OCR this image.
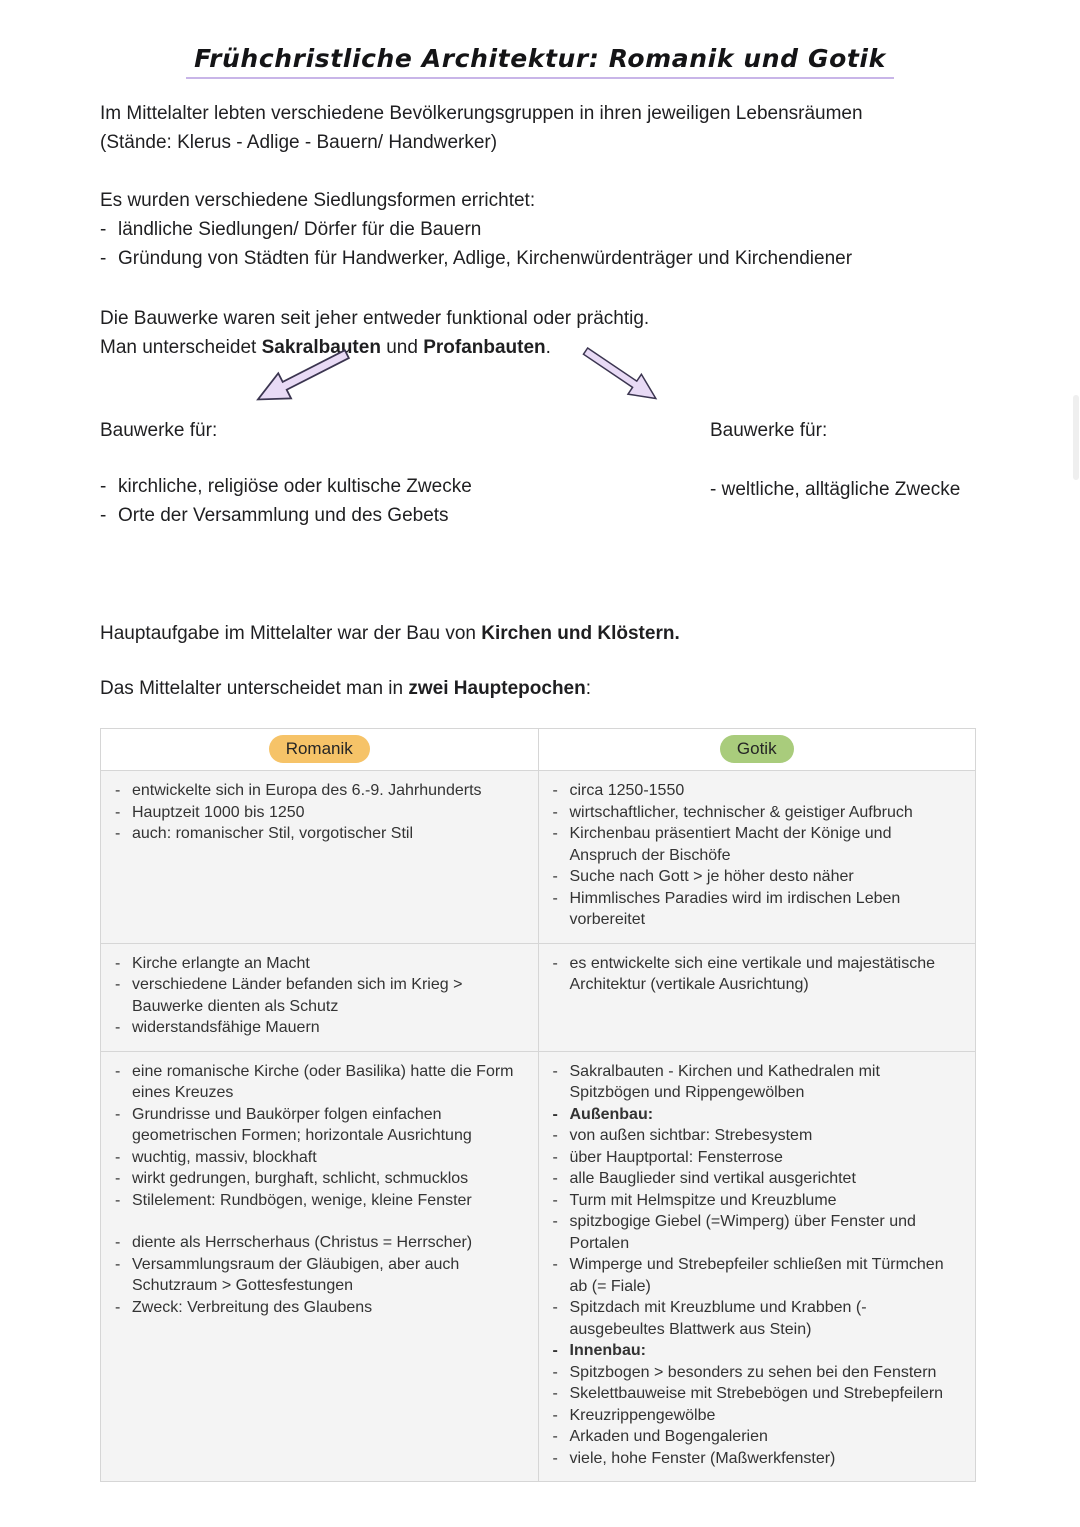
Frühchristliche Architektur: Romanik und Gotik
Im Mittelalter lebten verschiedene Bevölkerungsgruppen in ihren jeweiligen Lebensräumen
(Stände: Klerus - Adlige - Bauern/ Handwerker)
Es wurden verschiedene Siedlungsformen errichtet:
- ländliche Siedlungen/ Dörfer für die Bauern
- Gründung von Städten für Handwerker, Adlige, Kirchenwürdenträger und Kirchendiener
Die Bauwerke waren seit jeher entweder funktional oder prächtig.
Man unterscheidet Sakralbauten und Profanbauten.
Bauwerke für:
- kirchliche, religiöse oder kultische Zwecke
- Orte der Versammlung und des Gebets
Bauwerke für:
- weltliche, alltägliche Zwecke
Hauptaufgabe im Mittelalter war der Bau von Kirchen und Klöstern.
Das Mittelalter unterscheidet man in zwei Hauptepochen:
Romanik	Gotik
- entwickelte sich in Europa des 6.-9. Jahrhunderts
- Hauptzeit 1000 bis 1250
- auch: romanischer Stil, vorgotischer Stil
- circa 1250-1550
- wirtschaftlicher, technischer & geistiger Aufbruch
- Kirchenbau präsentiert Macht der Könige und Anspruch der Bischöfe
- Suche nach Gott > je höher desto näher
- Himmlisches Paradies wird im irdischen Leben vorbereitet
- Kirche erlangte an Macht
- verschiedene Länder befanden sich im Krieg > Bauwerke dienten als Schutz
- widerstandsfähige Mauern
- es entwickelte sich eine vertikale und majestätische Architektur (vertikale Ausrichtung)
- eine romanische Kirche (oder Basilika) hatte die Form eines Kreuzes
- Grundrisse und Baukörper folgen einfachen geometrischen Formen; horizontale Ausrichtung
- wuchtig, massiv, blockhaft
- wirkt gedrungen, burghaft, schlicht, schmucklos
- Stilelement: Rundbögen, wenige, kleine Fenster
- diente als Herrscherhaus (Christus = Herrscher)
- Versammlungsraum der Gläubigen, aber auch Schutzraum > Gottesfestungen
- Zweck: Verbreitung des Glaubens
- Sakralbauten - Kirchen und Kathedralen mit Spitzbögen und Rippengewölben
- Außenbau:
- von außen sichtbar: Strebesystem
- über Hauptportal: Fensterrose
- alle Bauglieder sind vertikal ausgerichtet
- Turm mit Helmspitze und Kreuzblume
- spitzbogige Giebel (=Wimperg) über Fenster und Portalen
- Wimperge und Strebepfeiler schließen mit Türmchen ab (= Fiale)
- Spitzdach mit Kreuzblume und Krabben (-ausgebeultes Blattwerk aus Stein)
- Innenbau:
- Spitzbogen > besonders zu sehen bei den Fenstern
- Skelettbauweise mit Strebebögen und Strebepfeilern
- Kreuzrippengewölbe
- Arkaden und Bogengalerien
- viele, hohe Fenster (Maßwerkfenster)
